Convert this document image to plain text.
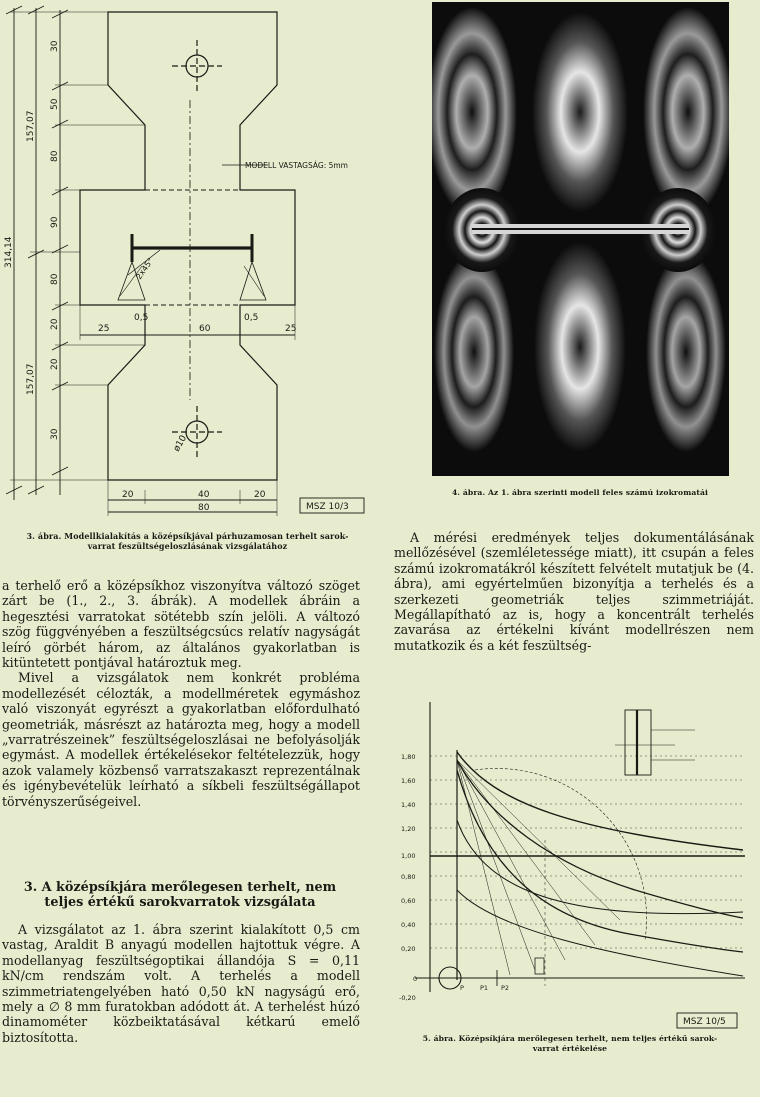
314,14
157,07
157,07
30
50
80
90
80
20
20
30
25
0,5
60
0,5
25
20	40	20
80
ø10
2x45°
MODELL VASTAGSÁG: 5mm
MSZ 10/3
3. ábra. Modellkialakítás a középsíkjával párhuzamosan terhelt sarok-
varrat feszültségeloszlásának vizsgálatához
4. ábra. Az 1. ábra szerinti modell feles számú izokromatái

a terhelő erő a középsíkhoz viszonyítva változó szöget zárt be (1., 2., 3. ábrák). A modellek ábráin a hegesztési varratokat sötétebb szín jelöli. A változó szög függvényében a feszültségcsúcs relatív nagyságát leíró görbét három, az általános gyakorlatban is kitüntetett pontjával határoztuk meg.

Mivel a vizsgálatok nem konkrét probléma modellezését célozták, a modellméretek egymáshoz való viszonyát egyrészt a gyakorlatban előfordulható geometriák, másrészt az határozta meg, hogy a modell „varratrészeinek” feszültségeloszlásai ne befolyásolják egymást. A modellek értékelésekor feltételezzük, hogy azok valamely közbenső varratszakaszt reprezentálnak és igénybevételük leírható a síkbeli feszültségállapot törvényszerűségeivel.

3. A középsíkjára merőlegesen terhelt, nem
teljes értékű sarokvarratok vizsgálata

A vizsgálatot az 1. ábra szerint kialakított 0,5 cm vastag, Araldit B anyagú modellen hajtottuk végre. A modellanyag feszültségoptikai állandója S = 0,11 kN/cm rendszám volt. A terhelés a modell szimmetriatengelyében ható 0,50 kN nagyságú erő, mely a ∅ 8 mm furatokban adódott át. A terhelést húzó dinamométer közbeiktatásával kétkarú emelő biztosította.

A mérési eredmények teljes dokumentálásának mellőzésével (szemléletessége miatt), itt csupán a feles számú izokromatákról készített felvételt mutatjuk be (4. ábra), ami egyértelműen bizonyítja a terhelés és a szerkezeti geometriák teljes szimmetriáját. Megállapítható az is, hogy a koncentrált terhelés zavarása az értékelni kívánt modellrészen nem mutatkozik és a két feszültség-

1,80
1,60
1,40
1,20
1,00
0,80
0,60
0,40
0,20
0
-0,20
P P1 P2
MSZ 10/5
5. ábra. Középsíkjára merőlegesen terhelt, nem teljes értékű sarok-
varrat értékelése
